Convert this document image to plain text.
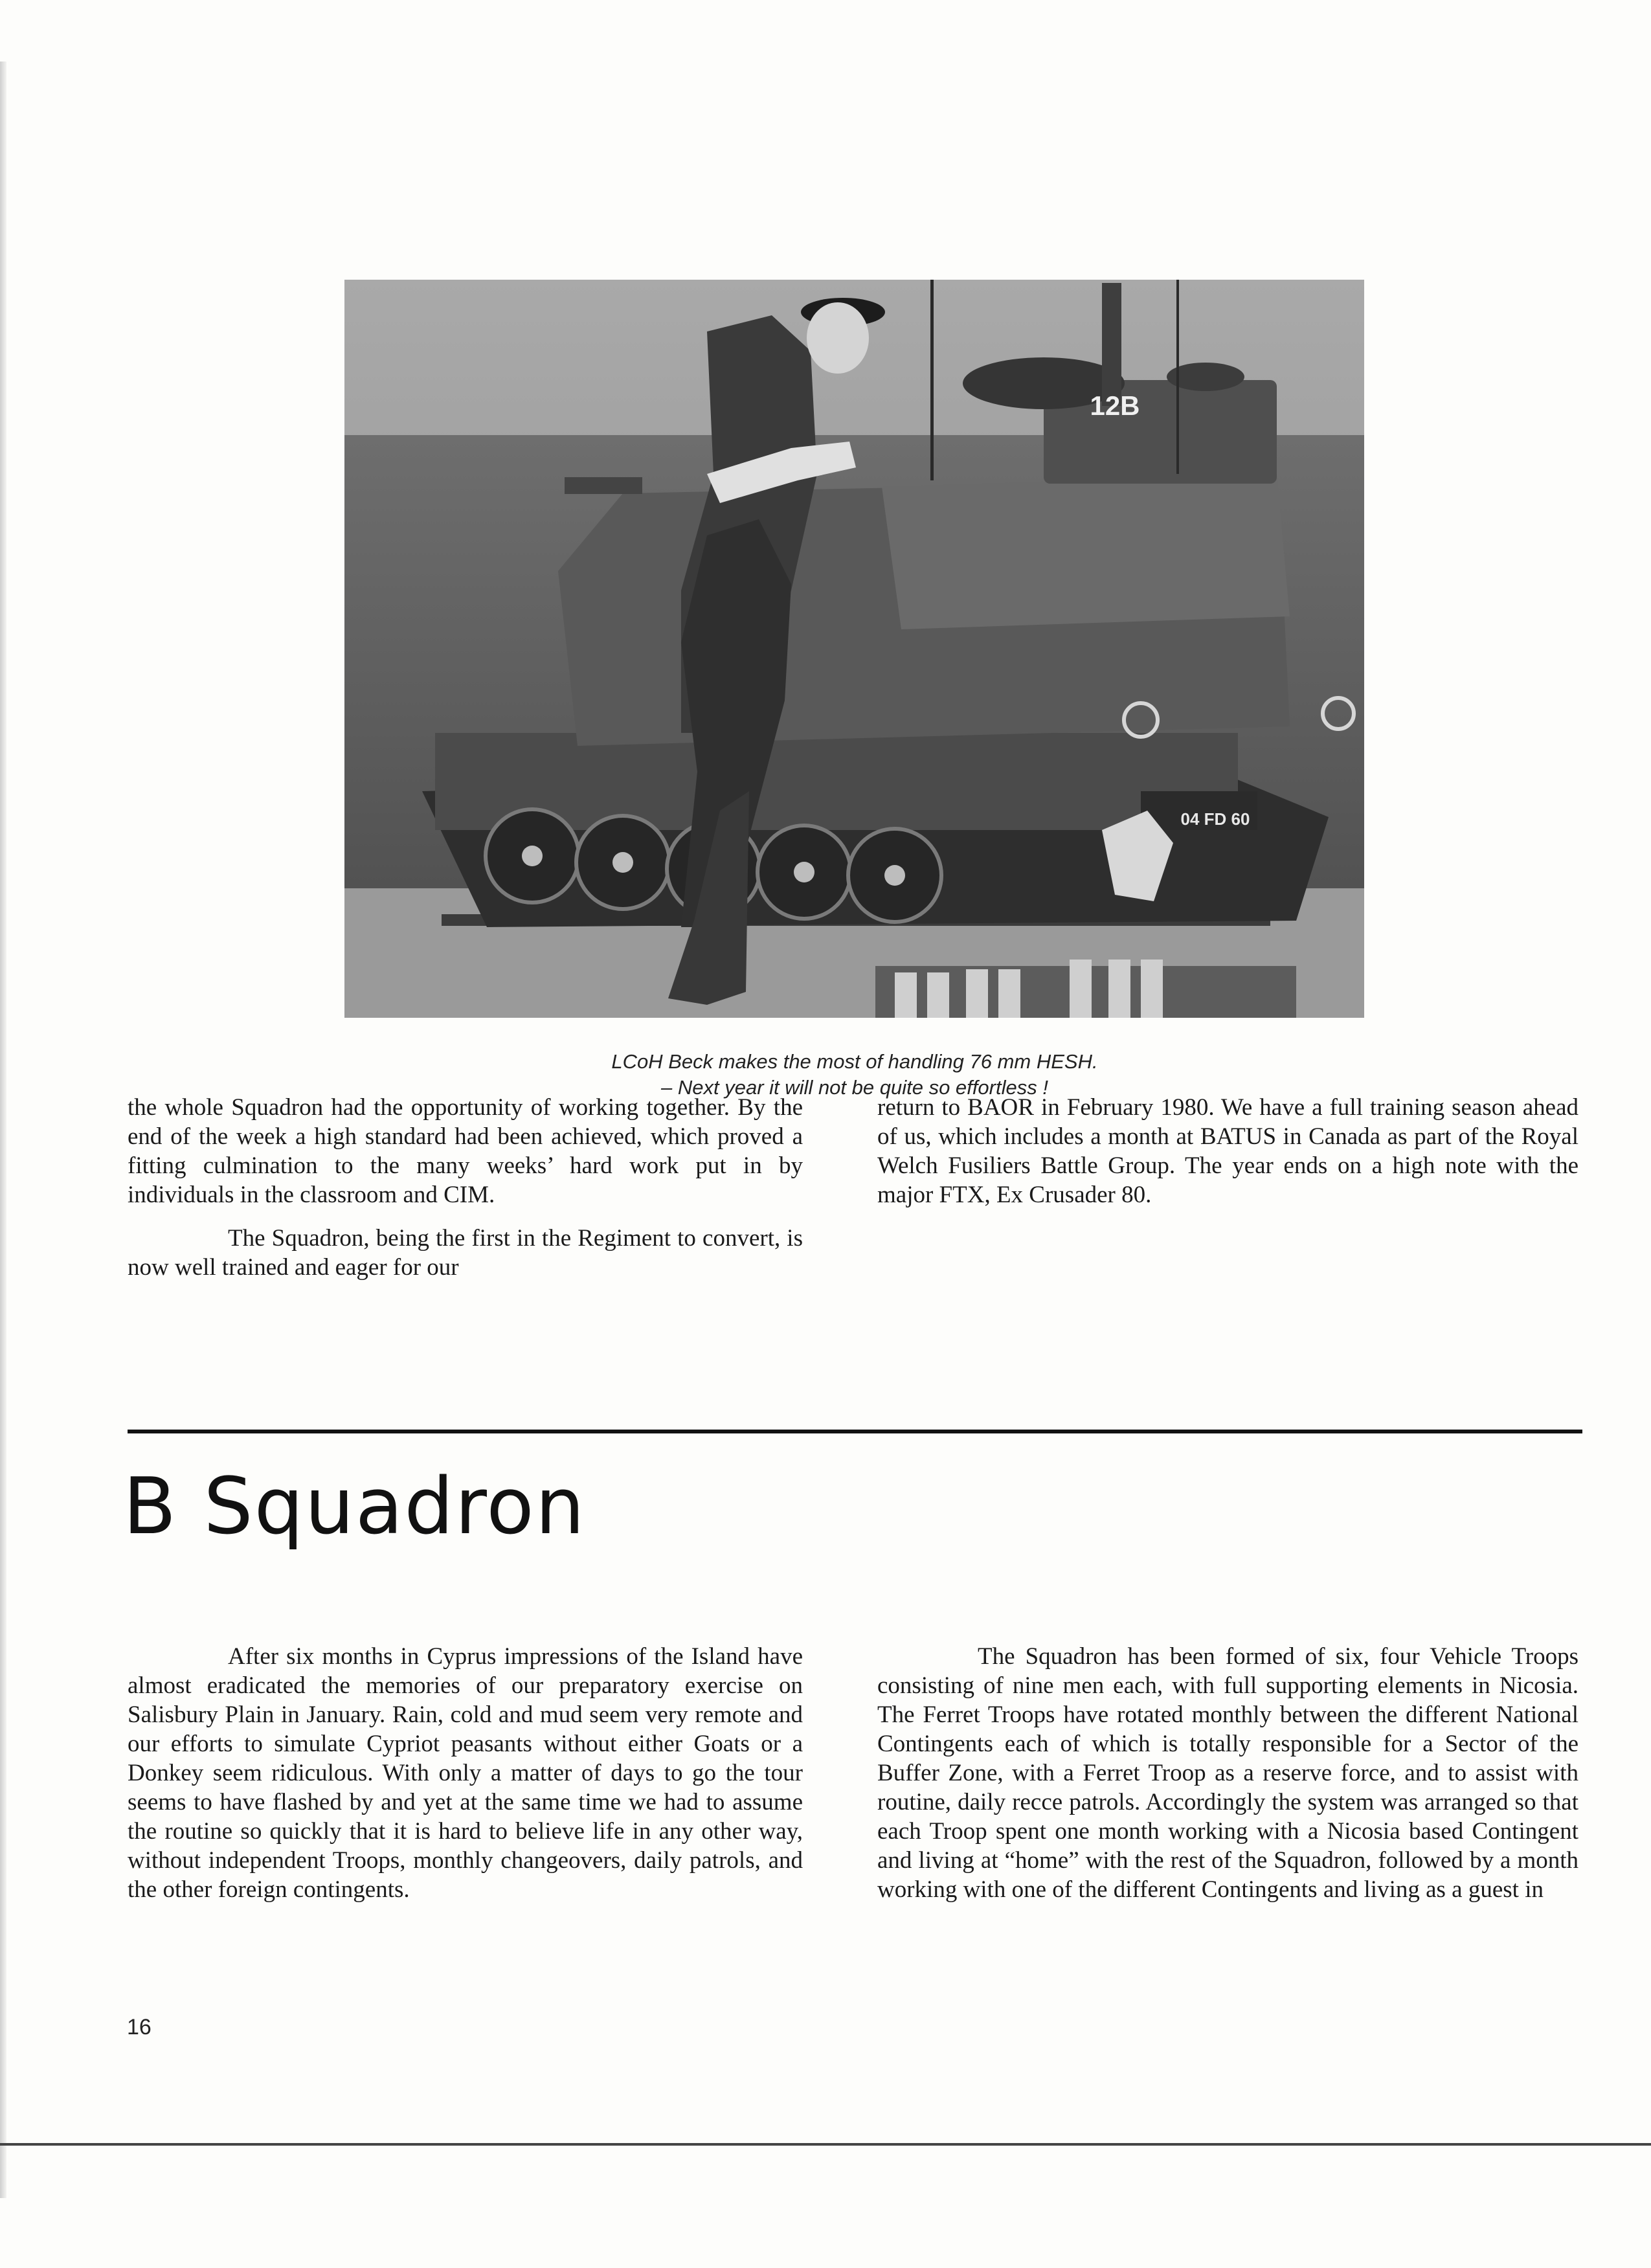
12B
04 FD 60
LCoH Beck makes the most of handling 76 mm HESH.
– Next year it will not be quite so effortless !

the whole Squadron had the opportunity of working together. By the end of the week a high standard had been achieved, which proved a fitting culmination to the many weeks’ hard work put in by individuals in the classroom and CIM.

The Squadron, being the first in the Regiment to convert, is now well trained and eager for our

return to BAOR in February 1980. We have a full training season ahead of us, which includes a month at BATUS in Canada as part of the Royal Welch Fusiliers Battle Group. The year ends on a high note with the major FTX, Ex Crusader 80.

B Squadron

After six months in Cyprus impressions of the Island have almost eradicated the memories of our preparatory exercise on Salisbury Plain in January. Rain, cold and mud seem very remote and our efforts to simulate Cypriot peasants without either Goats or a Donkey seem ridiculous. With only a matter of days to go the tour seems to have flashed by and yet at the same time we had to assume the routine so quickly that it is hard to believe life in any other way, without independent Troops, monthly changeovers, daily patrols, and the other foreign contingents.

The Squadron has been formed of six, four Vehicle Troops consisting of nine men each, with full supporting elements in Nicosia. The Ferret Troops have rotated monthly between the different National Contingents each of which is totally responsible for a Sector of the Buffer Zone, with a Ferret Troop as a reserve force, and to assist with routine, daily recce patrols. Accordingly the system was arranged so that each Troop spent one month working with a Nicosia based Contingent and living at “home” with the rest of the Squadron, followed by a month working with one of the different Contingents and living as a guest in

16
